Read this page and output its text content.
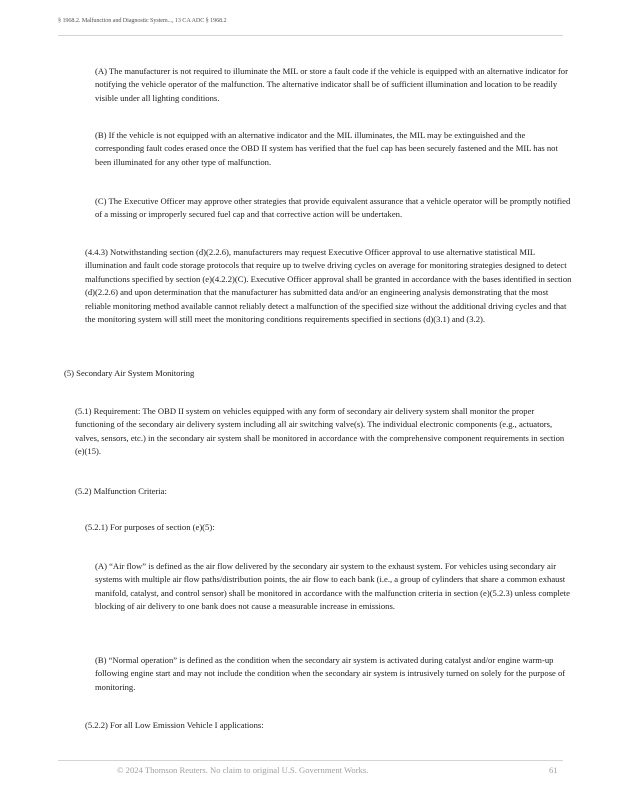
§ 1968.2. Malfunction and Diagnostic System..., 13 CA ADC § 1968.2

(A) The manufacturer is not required to illuminate the MIL or store a fault code if the vehicle is equipped with an alternative indicator for notifying the vehicle operator of the malfunction. The alternative indicator shall be of sufficient illumination and location to be readily visible under all lighting conditions.

(B) If the vehicle is not equipped with an alternative indicator and the MIL illuminates, the MIL may be extinguished and the corresponding fault codes erased once the OBD II system has verified that the fuel cap has been securely fastened and the MIL has not been illuminated for any other type of malfunction.

(C) The Executive Officer may approve other strategies that provide equivalent assurance that a vehicle operator will be promptly notified of a missing or improperly secured fuel cap and that corrective action will be undertaken.

(4.4.3) Notwithstanding section (d)(2.2.6), manufacturers may request Executive Officer approval to use alternative statistical MIL illumination and fault code storage protocols that require up to twelve driving cycles on average for monitoring strategies designed to detect malfunctions specified by section (e)(4.2.2)(C). Executive Officer approval shall be granted in accordance with the bases identified in section (d)(2.2.6) and upon determination that the manufacturer has submitted data and/or an engineering analysis demonstrating that the most reliable monitoring method available cannot reliably detect a malfunction of the specified size without the additional driving cycles and that the monitoring system will still meet the monitoring conditions requirements specified in sections (d)(3.1) and (3.2).

(5) Secondary Air System Monitoring

(5.1) Requirement: The OBD II system on vehicles equipped with any form of secondary air delivery system shall monitor the proper functioning of the secondary air delivery system including all air switching valve(s). The individual electronic components (e.g., actuators, valves, sensors, etc.) in the secondary air system shall be monitored in accordance with the comprehensive component requirements in section (e)(15).

(5.2) Malfunction Criteria:

(5.2.1) For purposes of section (e)(5):

(A) “Air flow” is defined as the air flow delivered by the secondary air system to the exhaust system. For vehicles using secondary air systems with multiple air flow paths/distribution points, the air flow to each bank (i.e., a group of cylinders that share a common exhaust manifold, catalyst, and control sensor) shall be monitored in accordance with the malfunction criteria in section (e)(5.2.3) unless complete blocking of air delivery to one bank does not cause a measurable increase in emissions.

(B) “Normal operation” is defined as the condition when the secondary air system is activated during catalyst and/or engine warm-up following engine start and may not include the condition when the secondary air system is intrusively turned on solely for the purpose of monitoring.

(5.2.2) For all Low Emission Vehicle I applications:

© 2024 Thomson Reuters. No claim to original U.S. Government Works.	61
